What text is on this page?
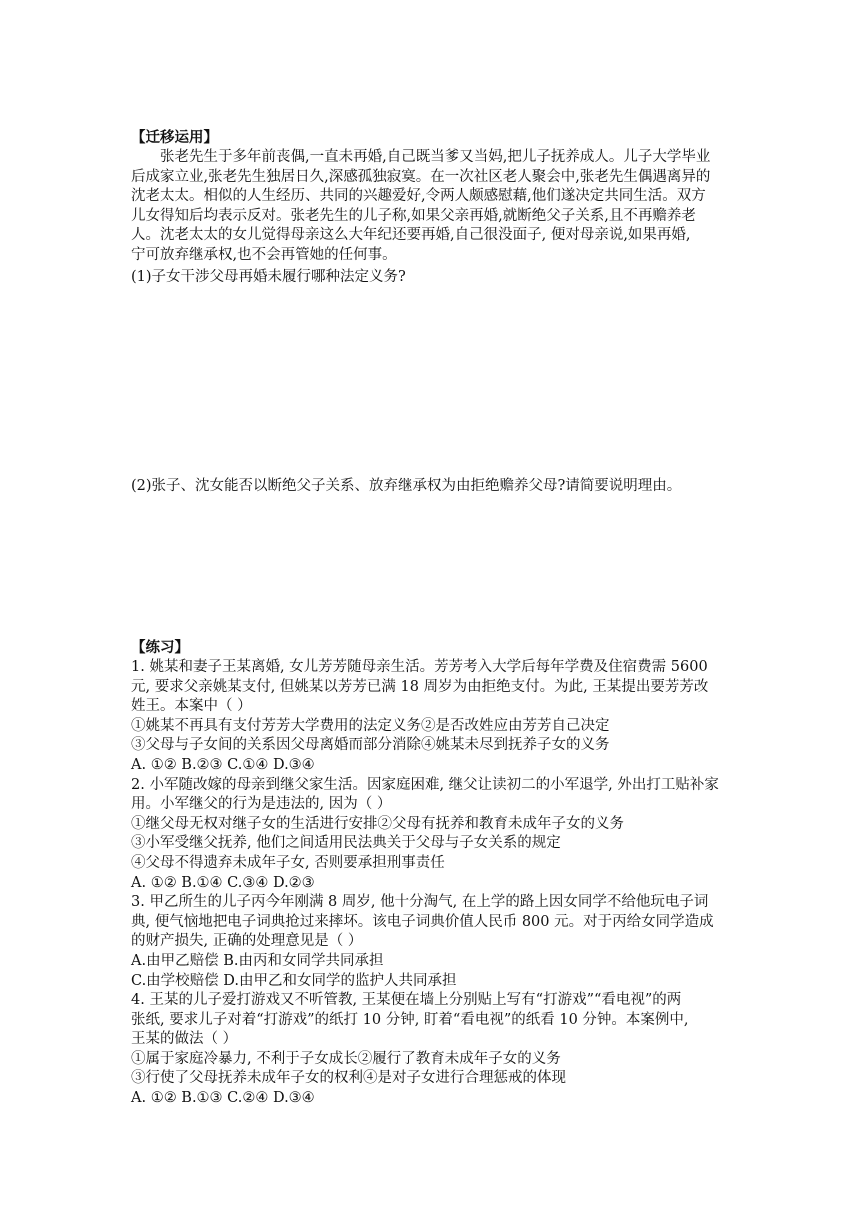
【迁移运用】
张老先生于多年前丧偶,一直未再婚,自己既当爹又当妈,把儿子抚养成人。儿子大学毕业
后成家立业,张老先生独居日久,深感孤独寂寞。在一次社区老人聚会中,张老先生偶遇离异的
沈老太太。相似的人生经历、共同的兴趣爱好,令两人颇感慰藉,他们遂决定共同生活。双方
儿女得知后均表示反对。张老先生的儿子称,如果父亲再婚,就断绝父子关系,且不再赡养老
人。沈老太太的女儿觉得母亲这么大年纪还要再婚,自己很没面子, 便对母亲说,如果再婚,
宁可放弃继承权,也不会再管她的任何事。
(1)子女干涉父母再婚未履行哪种法定义务?
(2)张子、沈女能否以断绝父子关系、放弃继承权为由拒绝赡养父母?请简要说明理由。
【练习】
1. 姚某和妻子王某离婚, 女儿芳芳随母亲生活。芳芳考入大学后每年学费及住宿费需 5600
元, 要求父亲姚某支付, 但姚某以芳芳已满 18 周岁为由拒绝支付。为此, 王某提出要芳芳改
姓王。本案中（ ）
①姚某不再具有支付芳芳大学费用的法定义务②是否改姓应由芳芳自己决定
③父母与子女间的关系因父母离婚而部分消除④姚某未尽到抚养子女的义务
A. ①② B.②③ C.①④ D.③④
2. 小军随改嫁的母亲到继父家生活。因家庭困难, 继父让读初二的小军退学, 外出打工贴补家
用。小军继父的行为是违法的, 因为（ ）
①继父母无权对继子女的生活进行安排②父母有抚养和教育未成年子女的义务
③小军受继父抚养, 他们之间适用民法典关于父母与子女关系的规定
④父母不得遗弃未成年子女, 否则要承担刑事责任
A. ①② B.①④ C.③④ D.②③
3. 甲乙所生的儿子丙今年刚满 8 周岁, 他十分淘气, 在上学的路上因女同学不给他玩电子词
典, 便气恼地把电子词典抢过来摔坏。该电子词典价值人民币 800 元。对于丙给女同学造成
的财产损失, 正确的处理意见是（ ）
A.由甲乙赔偿 B.由丙和女同学共同承担
C.由学校赔偿 D.由甲乙和女同学的监护人共同承担
4. 王某的儿子爱打游戏又不听管教, 王某便在墙上分别贴上写有“打游戏”“看电视”的两
张纸, 要求儿子对着“打游戏”的纸打 10 分钟, 盯着“看电视”的纸看 10 分钟。本案例中,
王某的做法（ ）
①属于家庭冷暴力, 不利于子女成长②履行了教育未成年子女的义务
③行使了父母抚养未成年子女的权利④是对子女进行合理惩戒的体现
A. ①② B.①③ C.②④ D.③④
